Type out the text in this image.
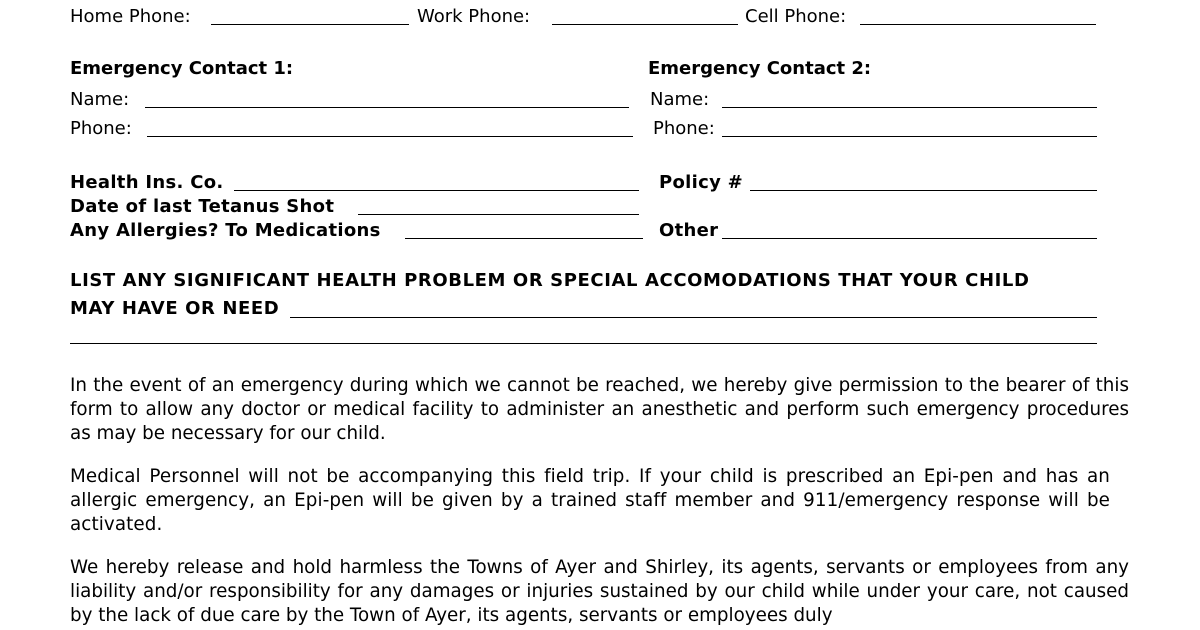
Home Phone:	Work Phone:	Cell Phone:
Emergency Contact 1:
Name:
Phone:
Emergency Contact 2:
Name:
Phone:
Health Ins. Co.	Policy #
Date of last Tetanus Shot
Any Allergies? To Medications	Other
LIST ANY SIGNIFICANT HEALTH PROBLEM OR SPECIAL ACCOMODATIONS THAT YOUR CHILD
MAY HAVE OR NEED

In the event of an emergency during which we cannot be reached, we hereby give permission to the bearer of this form to allow any doctor or medical facility to administer an anesthetic and perform such emergency procedures as may be necessary for our child.

Medical Personnel will not be accompanying this field trip. If your child is prescribed an Epi-pen and has an allergic emergency, an Epi-pen will be given by a trained staff member and 911/emergency response will be activated.

We hereby release and hold harmless the Towns of Ayer and Shirley, its agents, servants or employees from any liability and/or responsibility for any damages or injuries sustained by our child while under your care, not caused by the lack of due care by the Town of Ayer, its agents, servants or employees duly
